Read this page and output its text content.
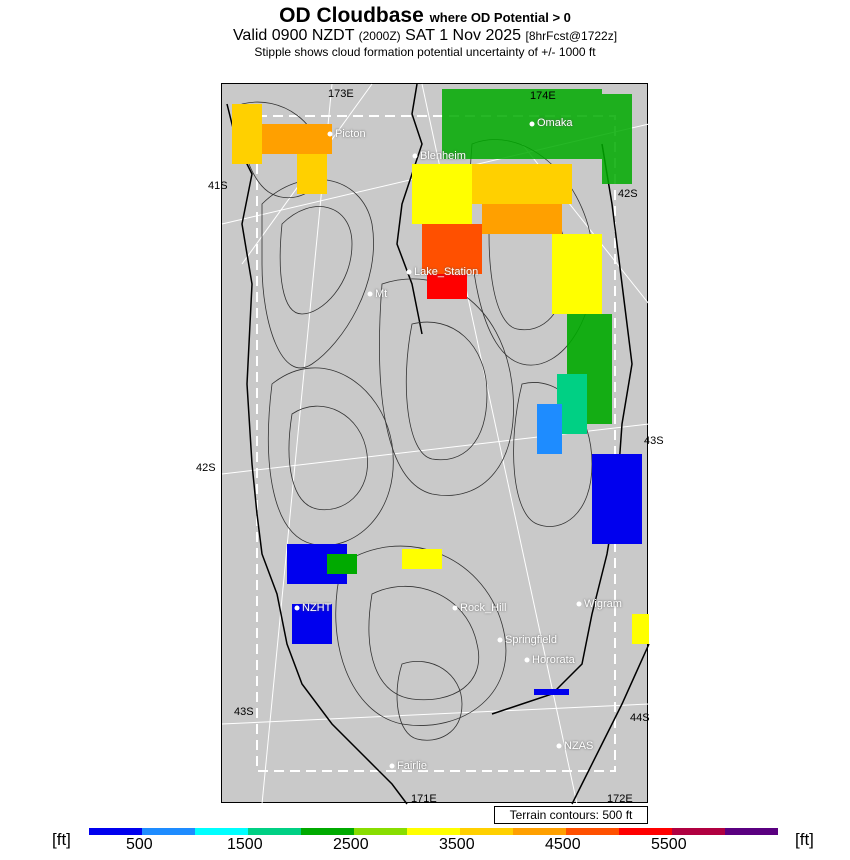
OD Cloudbase where OD Potential > 0
Valid 0900 NZDT (2000Z) SAT 1 Nov 2025 [8hrFcst@1722z]
Stipple shows cloud formation potential uncertainty of +/- 1000 ft
173E	174E
41S
42S
42S
43S
43S	44S
171E	172E
Picton
Blenheim
Omaka
Lake_Station
Mt
Rock_Hill
Springfield
Hororata
NZHT	Wigram
NZAS
Fairlie
Terrain contours: 500 ft
[ft]	[ft]
500	1500	2500	3500	4500	5500
